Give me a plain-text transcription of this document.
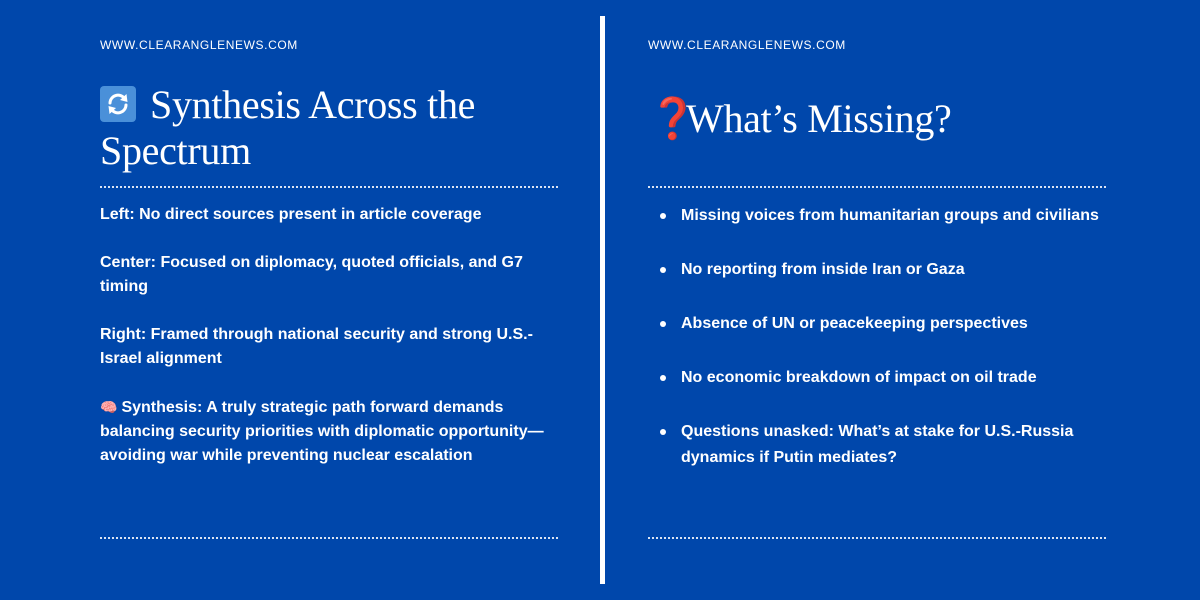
WWW.CLEARANGLENEWS.COM
Synthesis Across the Spectrum

Left: No direct sources present in article coverage

Center: Focused on diplomacy, quoted officials, and G7 timing

Right: Framed through national security and strong U.S.-Israel alignment

🧠 Synthesis: A truly strategic path forward demands balancing security priorities with diplomatic opportunity—avoiding war while preventing nuclear escalation

WWW.CLEARANGLENEWS.COM
❓What’s Missing?
Missing voices from humanitarian groups and civilians
No reporting from inside Iran or Gaza
Absence of UN or peacekeeping perspectives
No economic breakdown of impact on oil trade
Questions unasked: What’s at stake for U.S.-Russia dynamics if Putin mediates?
